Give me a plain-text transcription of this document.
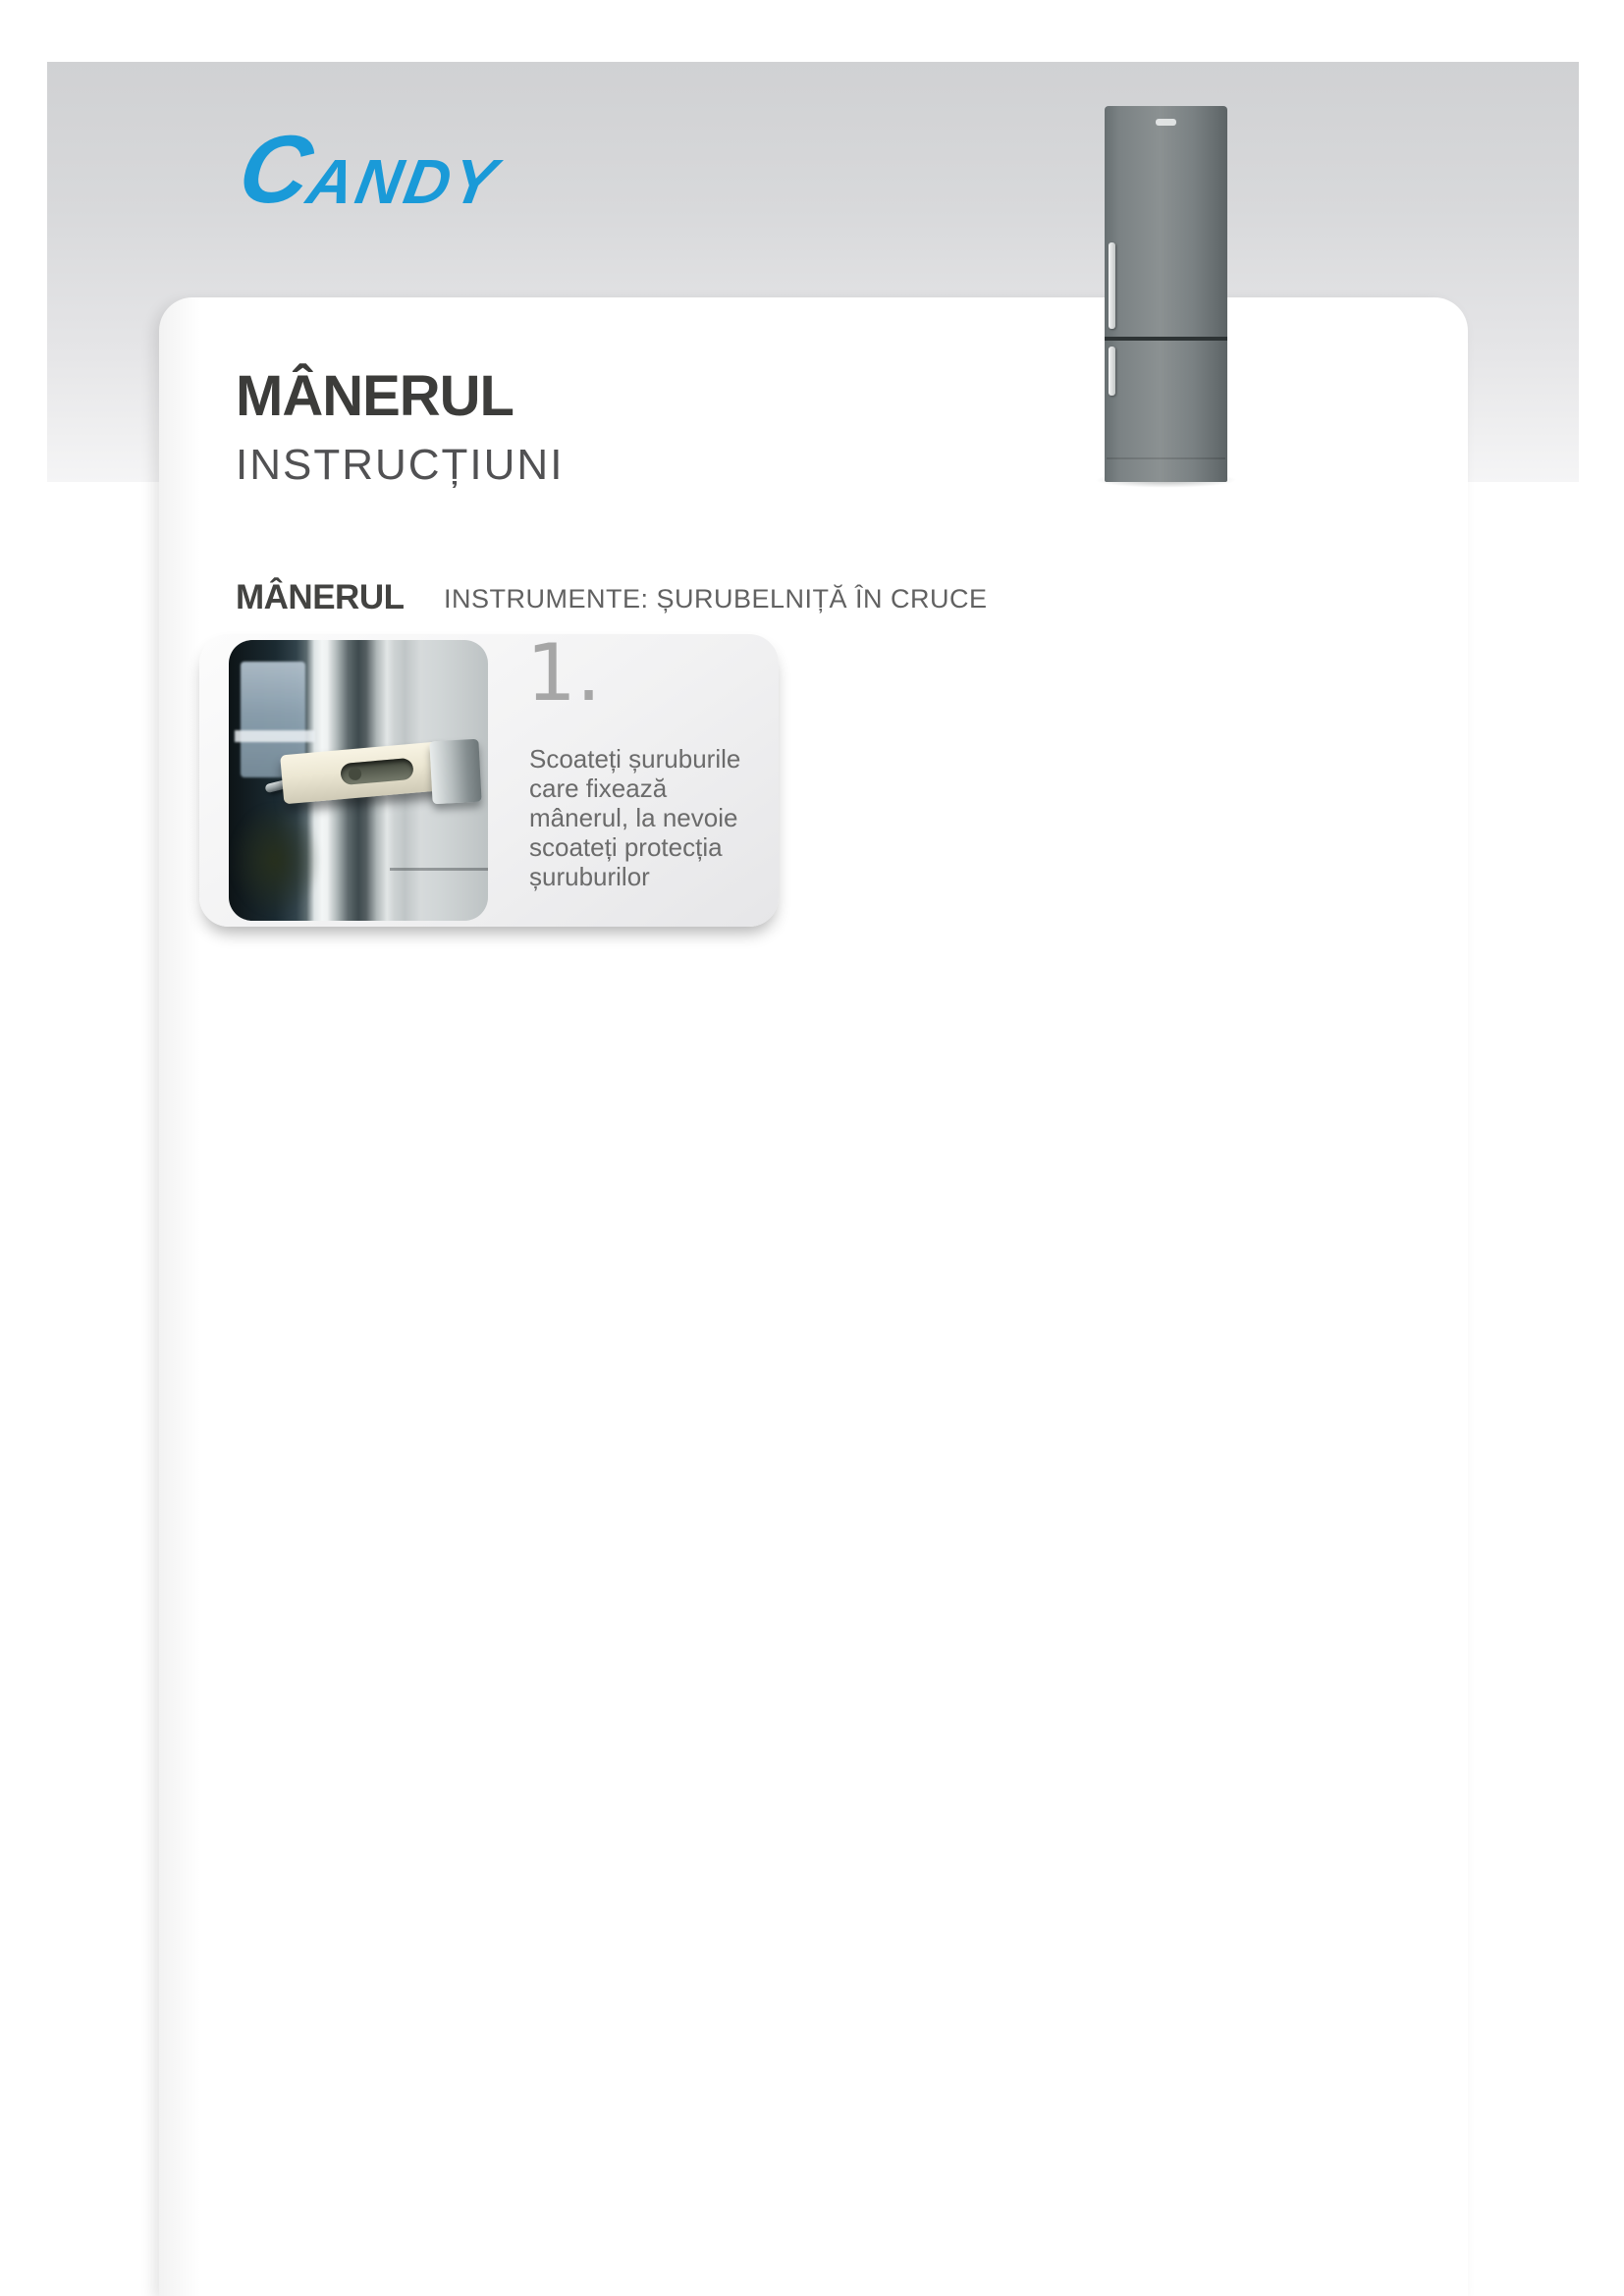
C
ANDY
MÂNERUL
INSTRUCȚIUNI
MÂNERUL INSTRUMENTE: ȘURUBELNIȚĂ ÎN CRUCE
1.
Scoateți șuruburile
care fixează
mânerul, la nevoie
scoateți protecția
șuruburilor
